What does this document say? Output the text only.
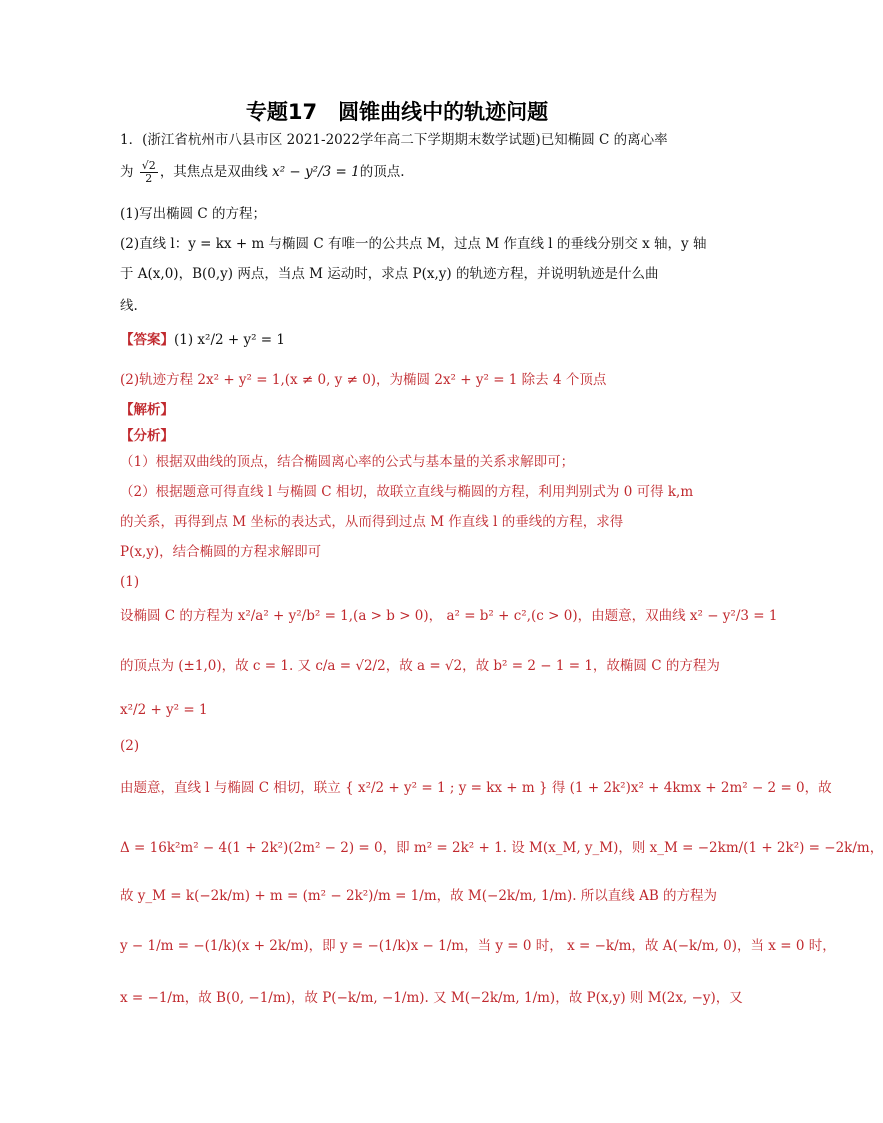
专题17　圆锥曲线中的轨迹问题
1．(浙江省杭州市八县市区 2021-2022学年高二下学期期末数学试题)已知椭圆 C 的离心率
为 $\frac{√2}{2}$ ，其焦点是双曲线 x² − y²/3 = 1的顶点.
(1)写出椭圆 C 的方程；
(2)直线 l：y = kx + m 与椭圆 C 有唯一的公共点 M，过点 M 作直线 l 的垂线分别交 x 轴，y 轴
于 A(x,0)，B(0,y) 两点，当点 M 运动时，求点 P(x,y) 的轨迹方程，并说明轨迹是什么曲
线.
【答案】(1) x²/2 + y² = 1
(2)轨迹方程 2x² + y² = 1,(x ≠ 0, y ≠ 0)，为椭圆 2x² + y² = 1 除去 4 个顶点
【解析】
【分析】
（1）根据双曲线的顶点，结合椭圆离心率的公式与基本量的关系求解即可；
（2）根据题意可得直线 l 与椭圆 C 相切，故联立直线与椭圆的方程，利用判别式为 0 可得 k,m
的关系，再得到点 M 坐标的表达式，从而得到过点 M 作直线 l 的垂线的方程，求得
P(x,y)，结合椭圆的方程求解即可
(1)
设椭圆 C 的方程为 x²/a² + y²/b² = 1,(a > b > 0)， a² = b² + c²,(c > 0)，由题意，双曲线 x² − y²/3 = 1
的顶点为 (±1,0)，故 c = 1. 又 c/a = √2/2，故 a = √2，故 b² = 2 − 1 = 1，故椭圆 C 的方程为
x²/2 + y² = 1
(2)
由题意，直线 l 与椭圆 C 相切，联立 { x²/2 + y² = 1 ; y = kx + m } 得 (1 + 2k²)x² + 4kmx + 2m² − 2 = 0，故
Δ = 16k²m² − 4(1 + 2k²)(2m² − 2) = 0，即 m² = 2k² + 1. 设 M(x_M, y_M)，则 x_M = −2km/(1 + 2k²) = −2k/m，
故 y_M = k(−2k/m) + m = (m² − 2k²)/m = 1/m，故 M(−2k/m, 1/m). 所以直线 AB 的方程为
y − 1/m = −(1/k)(x + 2k/m)，即 y = −(1/k)x − 1/m，当 y = 0 时， x = −k/m，故 A(−k/m, 0)，当 x = 0 时，
x = −1/m，故 B(0, −1/m)，故 P(−k/m, −1/m). 又 M(−2k/m, 1/m)，故 P(x,y) 则 M(2x, −y)，又
